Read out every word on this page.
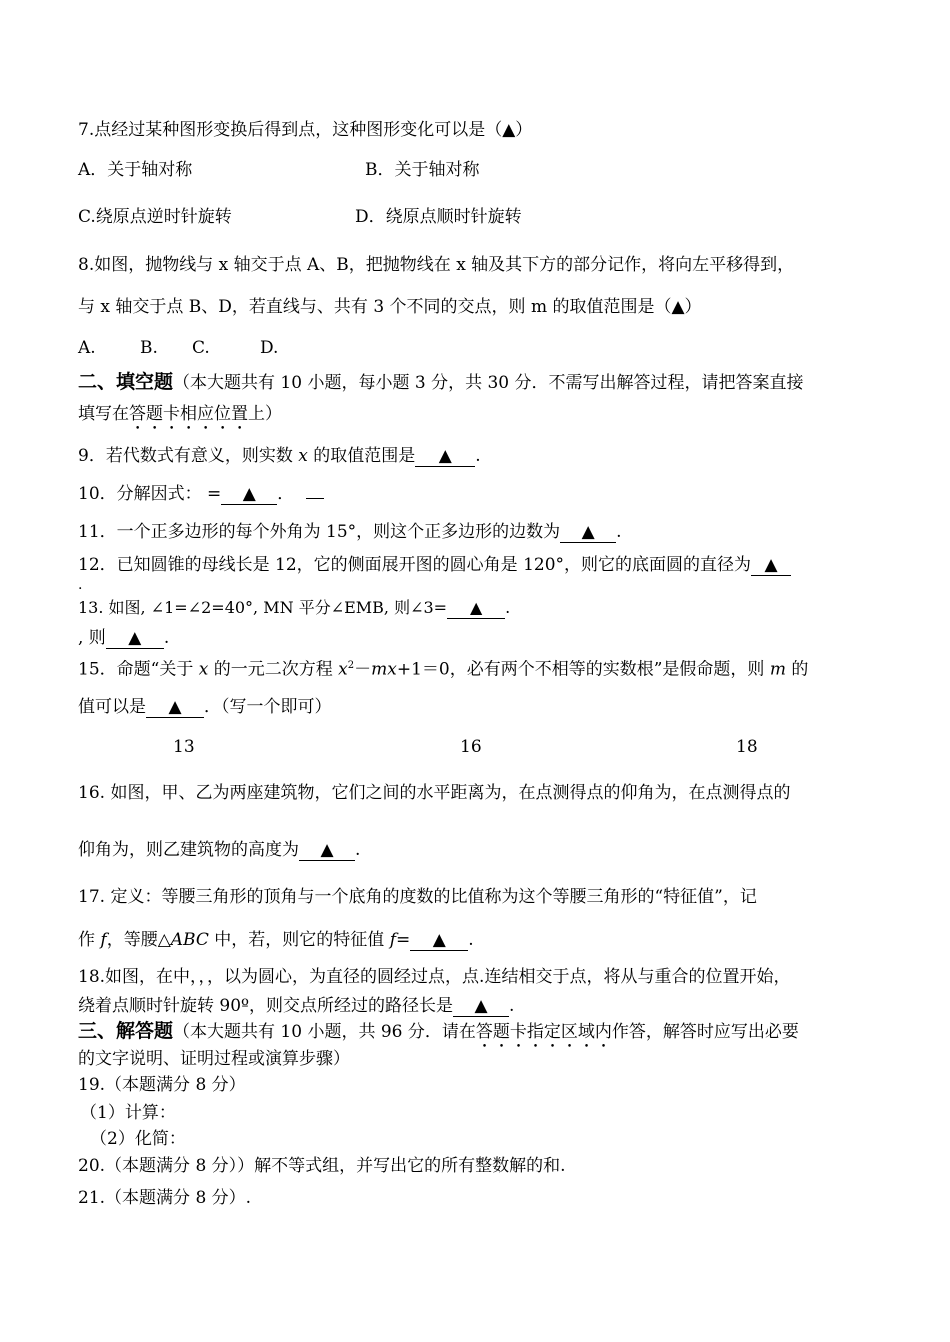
7.点经过某种图形变换后得到点，这种图形变化可以是（▲）
A．关于轴对称	B．关于轴对称
C.绕原点逆时针旋转	D．绕原点顺时针旋转
8.如图，抛物线与 x 轴交于点 A、B，把抛物线在 x 轴及其下方的部分记作，将向左平移得到，
与 x 轴交于点 B、D，若直线与、共有 3 个不同的交点，则 m 的取值范围是（▲）
A.	B. C.	D.
二、填空题（本大题共有 10 小题，每小题 3 分，共 30 分．不需写出解答过程，请把答案直接
填写在答题卡相应位置上）
9．若代数式有意义，则实数 x 的取值范围是 ▲ .
10．分解因式： = ▲ ．
11．一个正多边形的每个外角为 15°，则这个正多边形的边数为 ▲ .
12．已知圆锥的母线长是 12，它的侧面展开图的圆心角是 120°，则它的底面圆的直径为 ▲
.
13. 如图, ∠1=∠2=40°, MN 平分∠EMB, 则∠3= ▲ .
, 则 ▲ .
15．命题“关于 x 的一元二次方程 $x^2-mx+1=0$，必有两个不相等的实数根”是假命题，则 m 的
值可以是 ▲ ．（写一个即可）
13	16	18
16. 如图，甲、乙为两座建筑物，它们之间的水平距离为，在点测得点的仰角为，在点测得点的
仰角为，则乙建筑物的高度为 ▲ .
17. 定义：等腰三角形的顶角与一个底角的度数的比值称为这个等腰三角形的“特征值”，记
作 f，等腰△ABC 中，若，则它的特征值 f= ▲ .
18.如图，在中，，，以为圆心，为直径的圆经过点，点.连结相交于点，将从与重合的位置开始，
绕着点顺时针旋转 90º，则交点所经过的路径长是 ▲ .
三、解答题（本大题共有 10 小题，共 96 分．请在答题卡指定区域内作答，解答时应写出必要
的文字说明、证明过程或演算步骤）
19.（本题满分 8 分）
（1）计算：
（2）化简：
20.（本题满分 8 分））解不等式组，并写出它的所有整数解的和.
21.（本题满分 8 分）.
